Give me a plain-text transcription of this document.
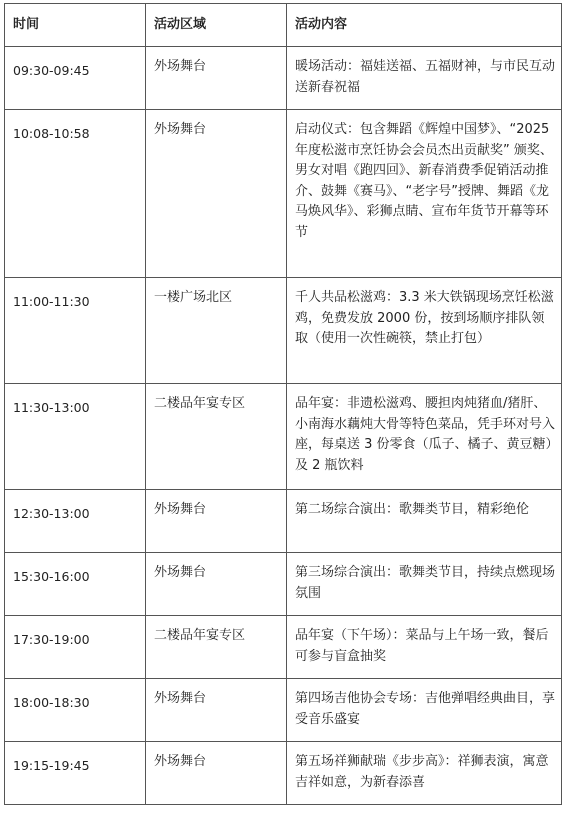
时间	活动区域	活动内容
09:30-09:45	外场舞台	暖场活动：福娃送福、五福财神，与市民互动送新春祝福
10:08-10:58	外场舞台	启动仪式：包含舞蹈《辉煌中国梦》、“2025 年度松滋市烹饪协会会员杰出贡献奖” 颁奖、男女对唱《跑四回》、新春消费季促销活动推介、鼓舞《赛马》、“老字号”授牌、舞蹈《龙马焕风华》、彩狮点睛、宣布年货节开幕等环节
11:00-11:30	一楼广场北区	千人共品松滋鸡：3.3 米大铁锅现场烹饪松滋鸡，免费发放 2000 份，按到场顺序排队领取（使用一次性碗筷，禁止打包）
11:30-13:00	二楼品年宴专区	品年宴：非遗松滋鸡、腰担肉炖猪血/猪肝、小南海水藕炖大骨等特色菜品，凭手环对号入座，每桌送 3 份零食（瓜子、橘子、黄豆糖）及 2 瓶饮料
12:30-13:00	外场舞台	第二场综合演出：歌舞类节目，精彩绝伦
15:30-16:00	外场舞台	第三场综合演出：歌舞类节目，持续点燃现场氛围
17:30-19:00	二楼品年宴专区	品年宴（下午场）：菜品与上午场一致，餐后可参与盲盒抽奖
18:00-18:30	外场舞台	第四场吉他协会专场：吉他弹唱经典曲目，享受音乐盛宴
19:15-19:45	外场舞台	第五场祥狮献瑞《步步高》：祥狮表演，寓意吉祥如意，为新春添喜
